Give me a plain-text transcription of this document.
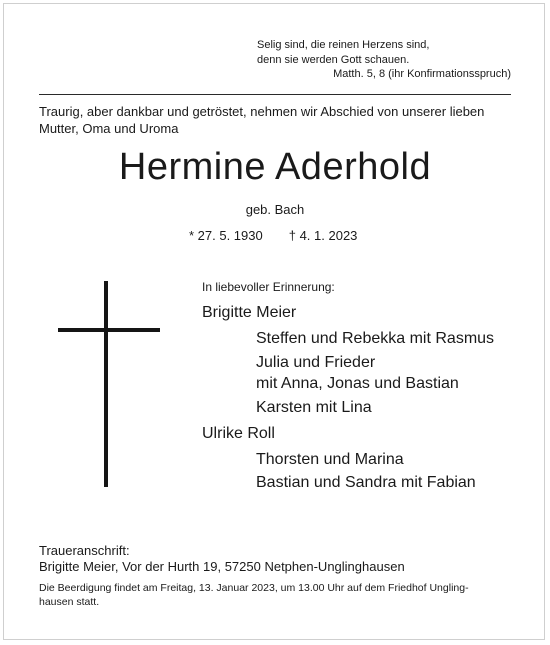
Selig sind, die reinen Herzens sind,
denn sie werden Gott schauen.
Matth. 5, 8 (ihr Konfirmationsspruch)
Traurig, aber dankbar und getröstet, nehmen wir Abschied von unserer lieben
Mutter, Oma und Uroma
Hermine Aderhold
geb. Bach
* 27. 5. 1930 † 4. 1. 2023
In liebevoller Erinnerung:
Brigitte Meier
Steffen und Rebekka mit Rasmus
Julia und Frieder
mit Anna, Jonas und Bastian
Karsten mit Lina
Ulrike Roll
Thorsten und Marina
Bastian und Sandra mit Fabian
Traueranschrift:
Brigitte Meier, Vor der Hurth 19, 57250 Netphen-Unglinghausen
Die Beerdigung findet am Freitag, 13. Januar 2023, um 13.00 Uhr auf dem Friedhof Ungling-
hausen statt.
